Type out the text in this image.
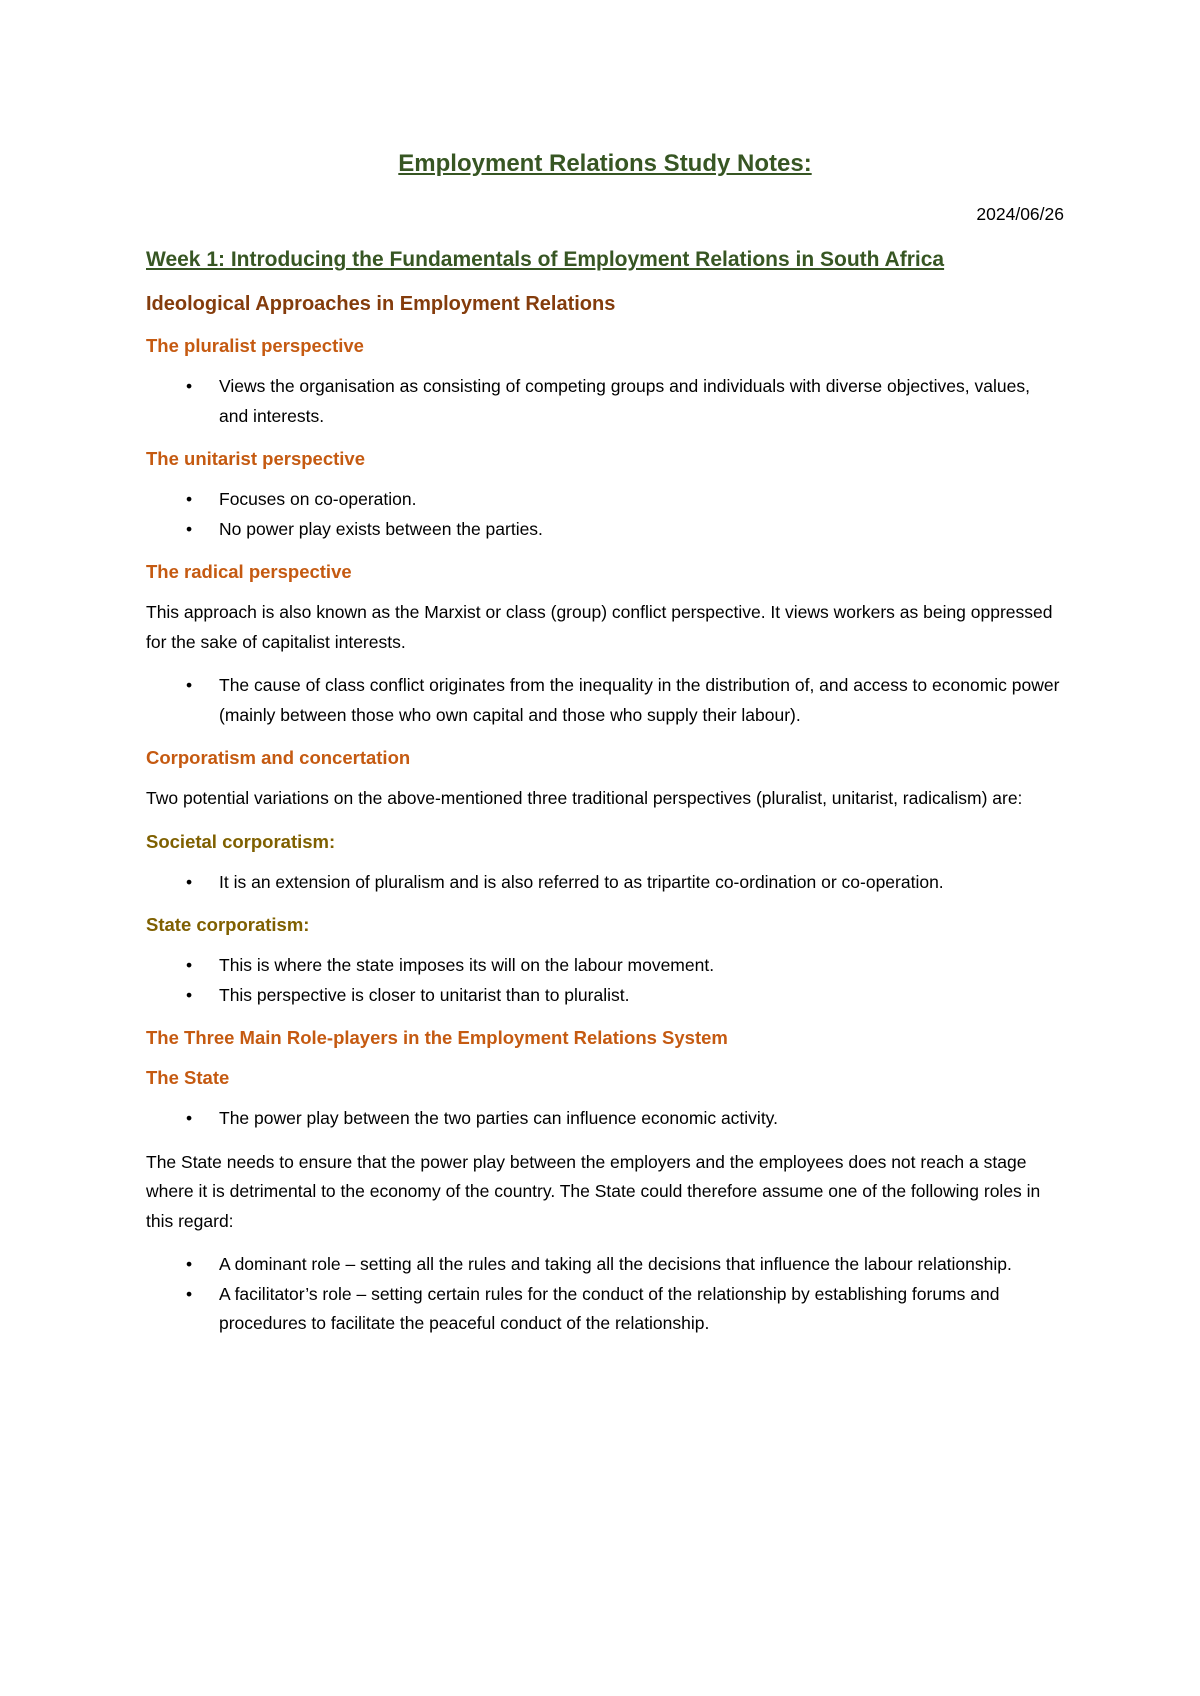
Employment Relations Study Notes:
2024/06/26
Week 1: Introducing the Fundamentals of Employment Relations in South Africa
Ideological Approaches in Employment Relations
The pluralist perspective
• Views the organisation as consisting of competing groups and individuals with diverse objectives, values, and interests.
The unitarist perspective
• Focuses on co-operation.
• No power play exists between the parties.
The radical perspective
This approach is also known as the Marxist or class (group) conflict perspective. It views workers as being oppressed for the sake of capitalist interests.
• The cause of class conflict originates from the inequality in the distribution of, and access to economic power (mainly between those who own capital and those who supply their labour).
Corporatism and concertation
Two potential variations on the above-mentioned three traditional perspectives (pluralist, unitarist, radicalism) are:
Societal corporatism:
• It is an extension of pluralism and is also referred to as tripartite co-ordination or co-operation.
State corporatism:
• This is where the state imposes its will on the labour movement.
• This perspective is closer to unitarist than to pluralist.
The Three Main Role-players in the Employment Relations System
The State
• The power play between the two parties can influence economic activity.
The State needs to ensure that the power play between the employers and the employees does not reach a stage where it is detrimental to the economy of the country. The State could therefore assume one of the following roles in this regard:
• A dominant role – setting all the rules and taking all the decisions that influence the labour relationship.
• A facilitator’s role – setting certain rules for the conduct of the relationship by establishing forums and procedures to facilitate the peaceful conduct of the relationship.
